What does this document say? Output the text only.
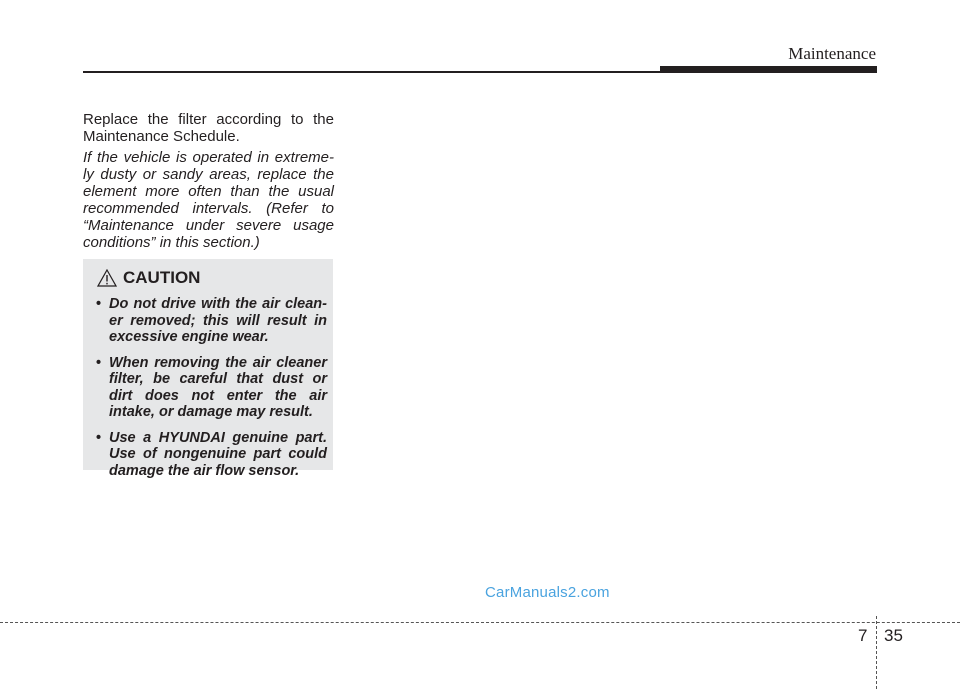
Maintenance

Replace the filter according to the Maintenance Schedule.

If the vehicle is operated in extreme-ly dusty or sandy areas, replace the element more often than the usual recommended intervals. (Refer to “Maintenance under severe usage conditions” in this section.)

CAUTION
• Do not drive with the air clean-er removed; this will result in excessive engine wear.
• When removing the air cleaner filter, be careful that dust or dirt does not enter the air intake, or damage may result.
• Use a HYUNDAI genuine part. Use of nongenuine part could damage the air flow sensor.
CarManuals2.com
7 35
